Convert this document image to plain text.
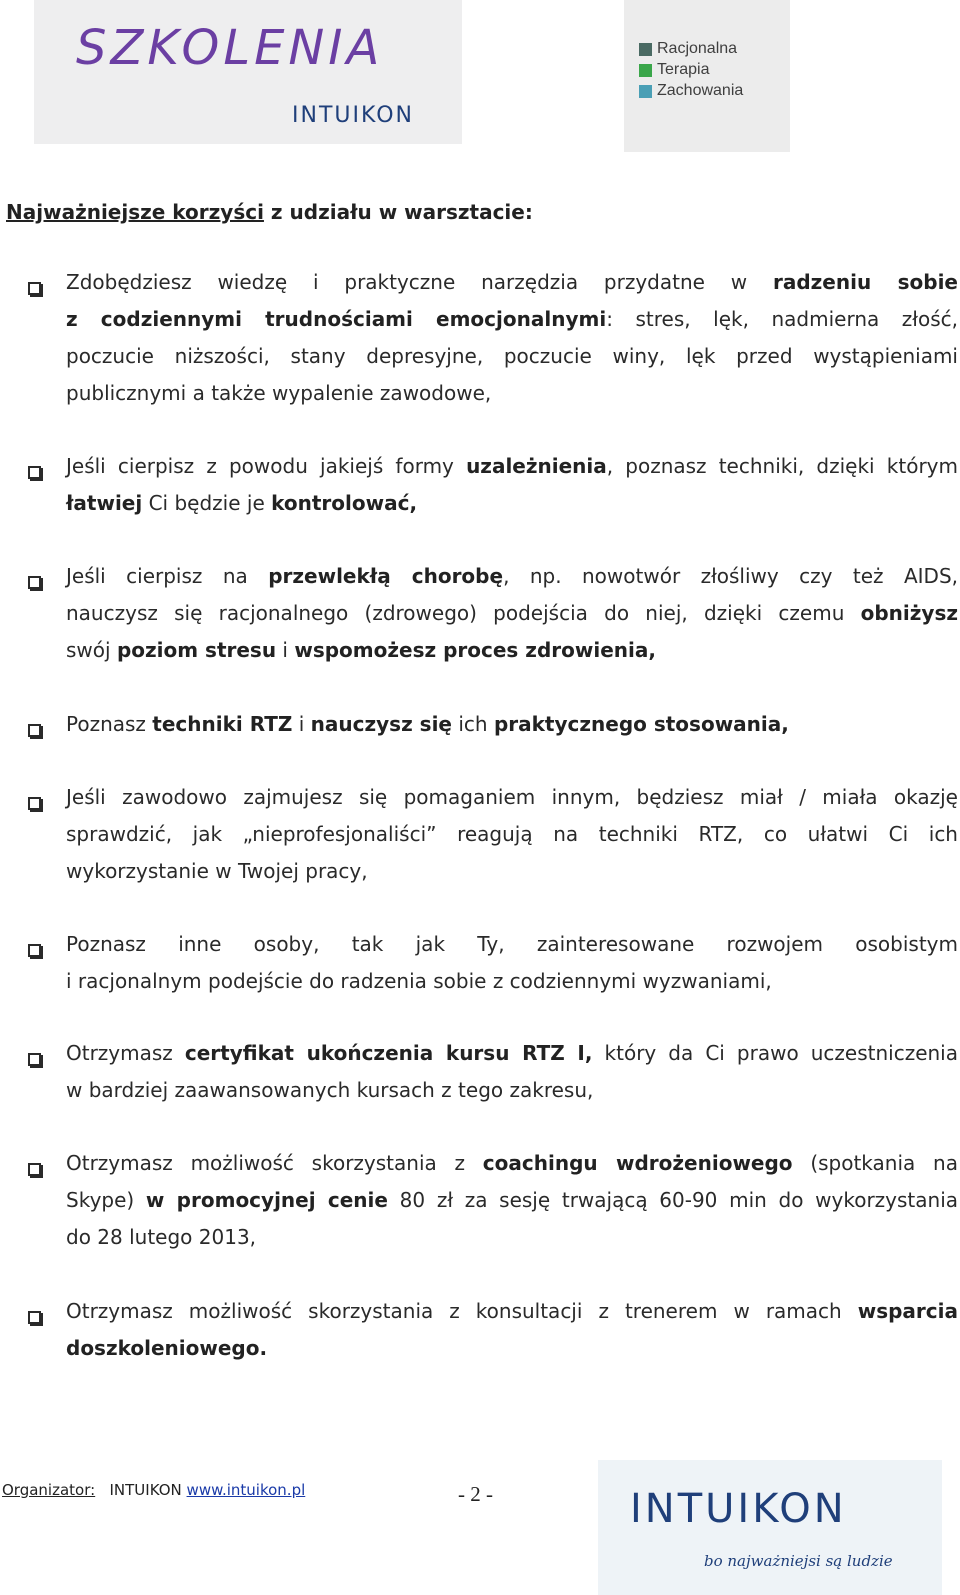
SZKOLENIA
INTUIKON
Racjonalna
Terapia
Zachowania
Najważniejsze korzyści z udziału w warsztacie:
Zdobędziesz wiedzę i praktyczne narzędzia przydatne w radzeniu sobie
z codziennymi trudnościami emocjonalnymi: stres, lęk, nadmierna złość,
poczucie niższości, stany depresyjne, poczucie winy, lęk przed wystąpieniami
publicznymi a także wypalenie zawodowe,
Jeśli cierpisz z powodu jakiejś formy uzależnienia, poznasz techniki, dzięki którym
łatwiej Ci będzie je kontrolować,
Jeśli cierpisz na przewlekłą chorobę, np. nowotwór złośliwy czy też AIDS,
nauczysz się racjonalnego (zdrowego) podejścia do niej, dzięki czemu obniżysz
swój poziom stresu i wspomożesz proces zdrowienia,
Poznasz techniki RTZ i nauczysz się ich praktycznego stosowania,
Jeśli zawodowo zajmujesz się pomaganiem innym, będziesz miał / miała okazję
sprawdzić, jak „nieprofesjonaliści” reagują na techniki RTZ, co ułatwi Ci ich
wykorzystanie w Twojej pracy,
Poznasz inne osoby, tak jak Ty, zainteresowane rozwojem osobistym
i racjonalnym podejście do radzenia sobie z codziennymi wyzwaniami,
Otrzymasz certyfikat ukończenia kursu RTZ I, który da Ci prawo uczestniczenia
w bardziej zaawansowanych kursach z tego zakresu,
Otrzymasz możliwość skorzystania z coachingu wdrożeniowego (spotkania na
Skype) w promocyjnej cenie 80 zł za sesję trwającą 60-90 min do wykorzystania
do 28 lutego 2013,
Otrzymasz możliwość skorzystania z konsultacji z trenerem w ramach wsparcia
doszkoleniowego.
Organizator: INTUIKON www.intuikon.pl	- 2 -	INTUIKON
bo najważniejsi są ludzie
